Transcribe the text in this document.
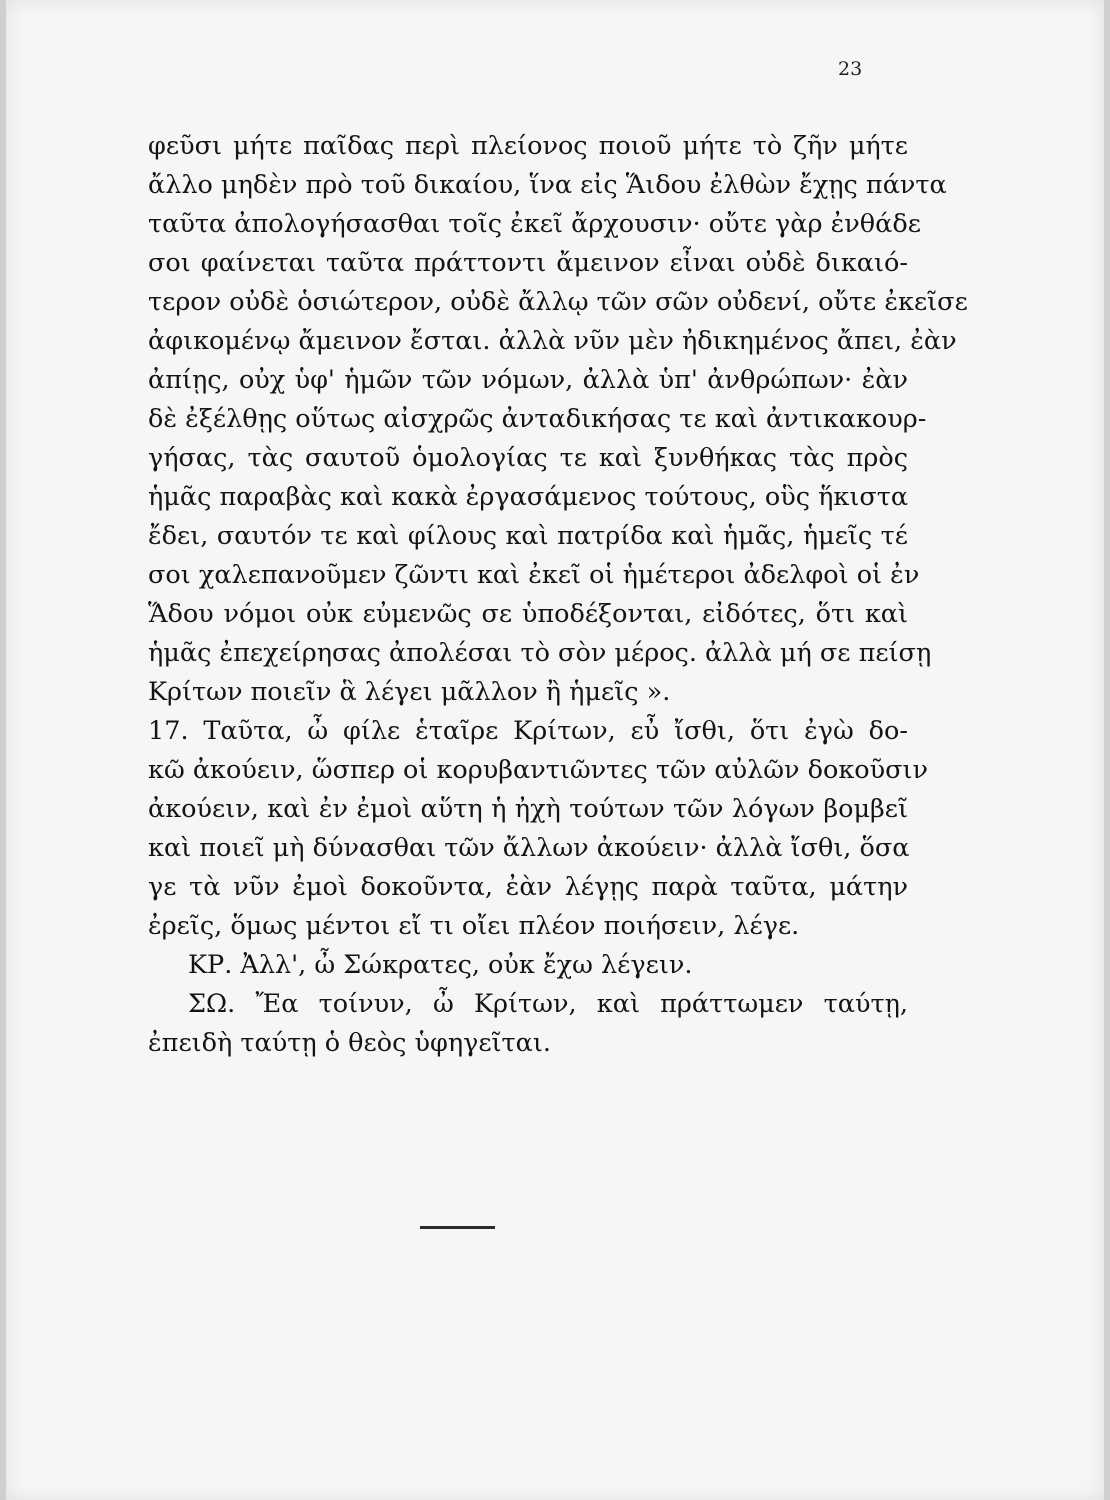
23
φεῦσι μήτε παῖδας περὶ πλείονος ποιοῦ μήτε τὸ ζῆν μήτε
ἄλλο μηδὲν πρὸ τοῦ δικαίου, ἵνα εἰς Ἅιδου ἐλθὼν ἔχῃς πάντα
ταῦτα ἀπολογήσασθαι τοῖς ἐκεῖ ἄρχουσιν· οὔτε γὰρ ἐνθάδε
σοι φαίνεται ταῦτα πράττοντι ἄμεινον εἶναι οὐδὲ δικαιό-
τερον οὐδὲ ὁσιώτερον, οὐδὲ ἄλλῳ τῶν σῶν οὐδενί, οὔτε ἐκεῖσε
ἀφικομένῳ ἄμεινον ἔσται. ἀλλὰ νῦν μὲν ἠδικημένος ἄπει, ἐὰν
ἀπίῃς, οὐχ ὑφ' ἡμῶν τῶν νόμων, ἀλλὰ ὑπ' ἀνθρώπων· ἐὰν
δὲ ἐξέλθῃς οὕτως αἰσχρῶς ἀνταδικήσας τε καὶ ἀντικακουρ-
γήσας, τὰς σαυτοῦ ὁμολογίας τε καὶ ξυνθήκας τὰς πρὸς
ἡμᾶς παραβὰς καὶ κακὰ ἐργασάμενος τούτους, οὓς ἥκιστα
ἔδει, σαυτόν τε καὶ φίλους καὶ πατρίδα καὶ ἡμᾶς, ἡμεῖς τέ
σοι χαλεπανοῦμεν ζῶντι καὶ ἐκεῖ οἱ ἡμέτεροι ἀδελφοὶ οἱ ἐν
Ἅδου νόμοι οὐκ εὐμενῶς σε ὑποδέξονται, εἰδότες, ὅτι καὶ
ἡμᾶς ἐπεχείρησας ἀπολέσαι τὸ σὸν μέρος. ἀλλὰ μή σε πείσῃ
Κρίτων ποιεῖν ἃ λέγει μᾶλλον ἢ ἡμεῖς ».
17. Ταῦτα, ὦ φίλε ἑταῖρε Κρίτων, εὖ ἴσθι, ὅτι ἐγὼ δο-
κῶ ἀκούειν, ὥσπερ οἱ κορυβαντιῶντες τῶν αὐλῶν δοκοῦσιν
ἀκούειν, καὶ ἐν ἐμοὶ αὕτη ἡ ἠχὴ τούτων τῶν λόγων βομβεῖ
καὶ ποιεῖ μὴ δύνασθαι τῶν ἄλλων ἀκούειν· ἀλλὰ ἴσθι, ὅσα
γε τὰ νῦν ἐμοὶ δοκοῦντα, ἐὰν λέγῃς παρὰ ταῦτα, μάτην
ἐρεῖς, ὅμως μέντοι εἴ τι οἴει πλέον ποιήσειν, λέγε.
ΚΡ. Ἀλλ', ὦ Σώκρατες, οὐκ ἔχω λέγειν.
ΣΩ. Ἔα τοίνυν, ὦ Κρίτων, καὶ πράττωμεν ταύτῃ,
ἐπειδὴ ταύτῃ ὁ θεὸς ὑφηγεῖται.
